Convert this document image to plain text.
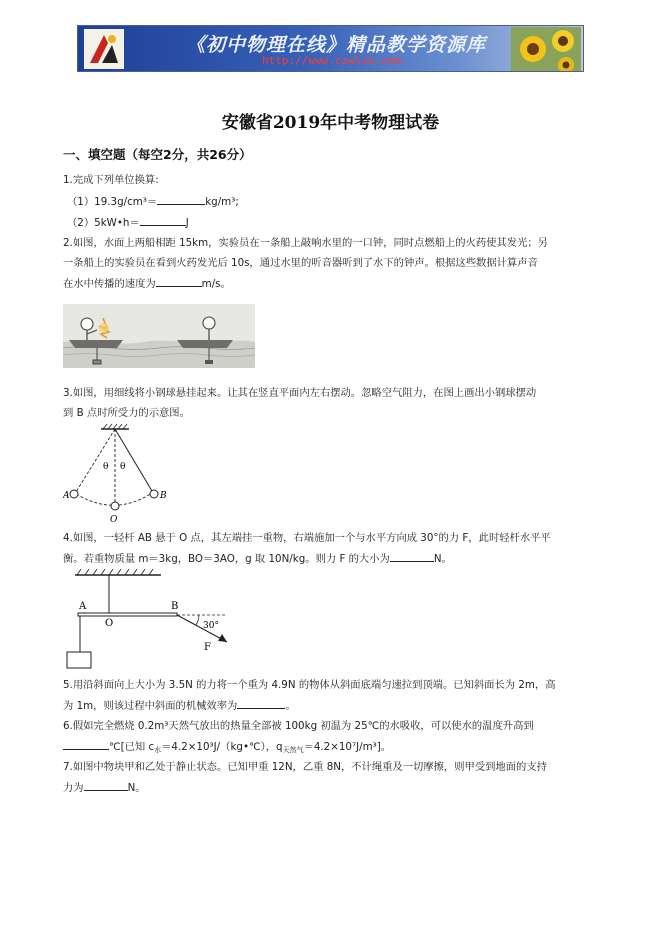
《初中物理在线》精品教学资源库
http://www.czwlzx.com
安徽省2019年中考物理试卷
一、填空题（每空2分，共26分）
1.完成下列单位换算:
（1）19.3g/cm³＝	kg/m³;
（2）5kW•h＝	J
2.如图，水面上两船相距 15km，实验员在一条船上敲响水里的一口钟，同时点燃船上的火药使其发光；另
一条船上的实验员在看到火药发光后 10s，通过水里的听音器听到了水下的钟声。根据这些数据计算声音
在水中传播的速度为	m/s。
3.如图，用细线将小钢球悬挂起来。让其在竖直平面内左右摆动。忽略空气阻力，在图上画出小钢球摆动
到 B 点时所受力的示意图。
θ θ
A	B
O
4.如图，一轻杆 AB 悬于 O 点，其左端挂一重物，右端施加一个与水平方向成 30°的力 F，此时轻杆水平平
衡。若重物质量 m＝3kg，BO＝3AO，g 取 10N/kg。则力 F 的大小为	N。
A
O
B
30°
F
5.用沿斜面向上大小为 3.5N 的力将一个重为 4.9N 的物体从斜面底端匀速拉到顶端。已知斜面长为 2m，高
为 1m，则该过程中斜面的机械效率为	。
6.假如完全燃烧 0.2m³天然气放出的热量全部被 100kg 初温为 25℃的水吸收，可以使水的温度升高到
℃[已知 $c_水=4.2\times 10^3J/(kg•℃)$，$q_{天然气}=4.2\times 10^7J/m^3$]。
7.如图中物块甲和乙处于静止状态。已知甲重 12N，乙重 8N，不计绳重及一切摩擦，则甲受到地面的支持
力为	N。
